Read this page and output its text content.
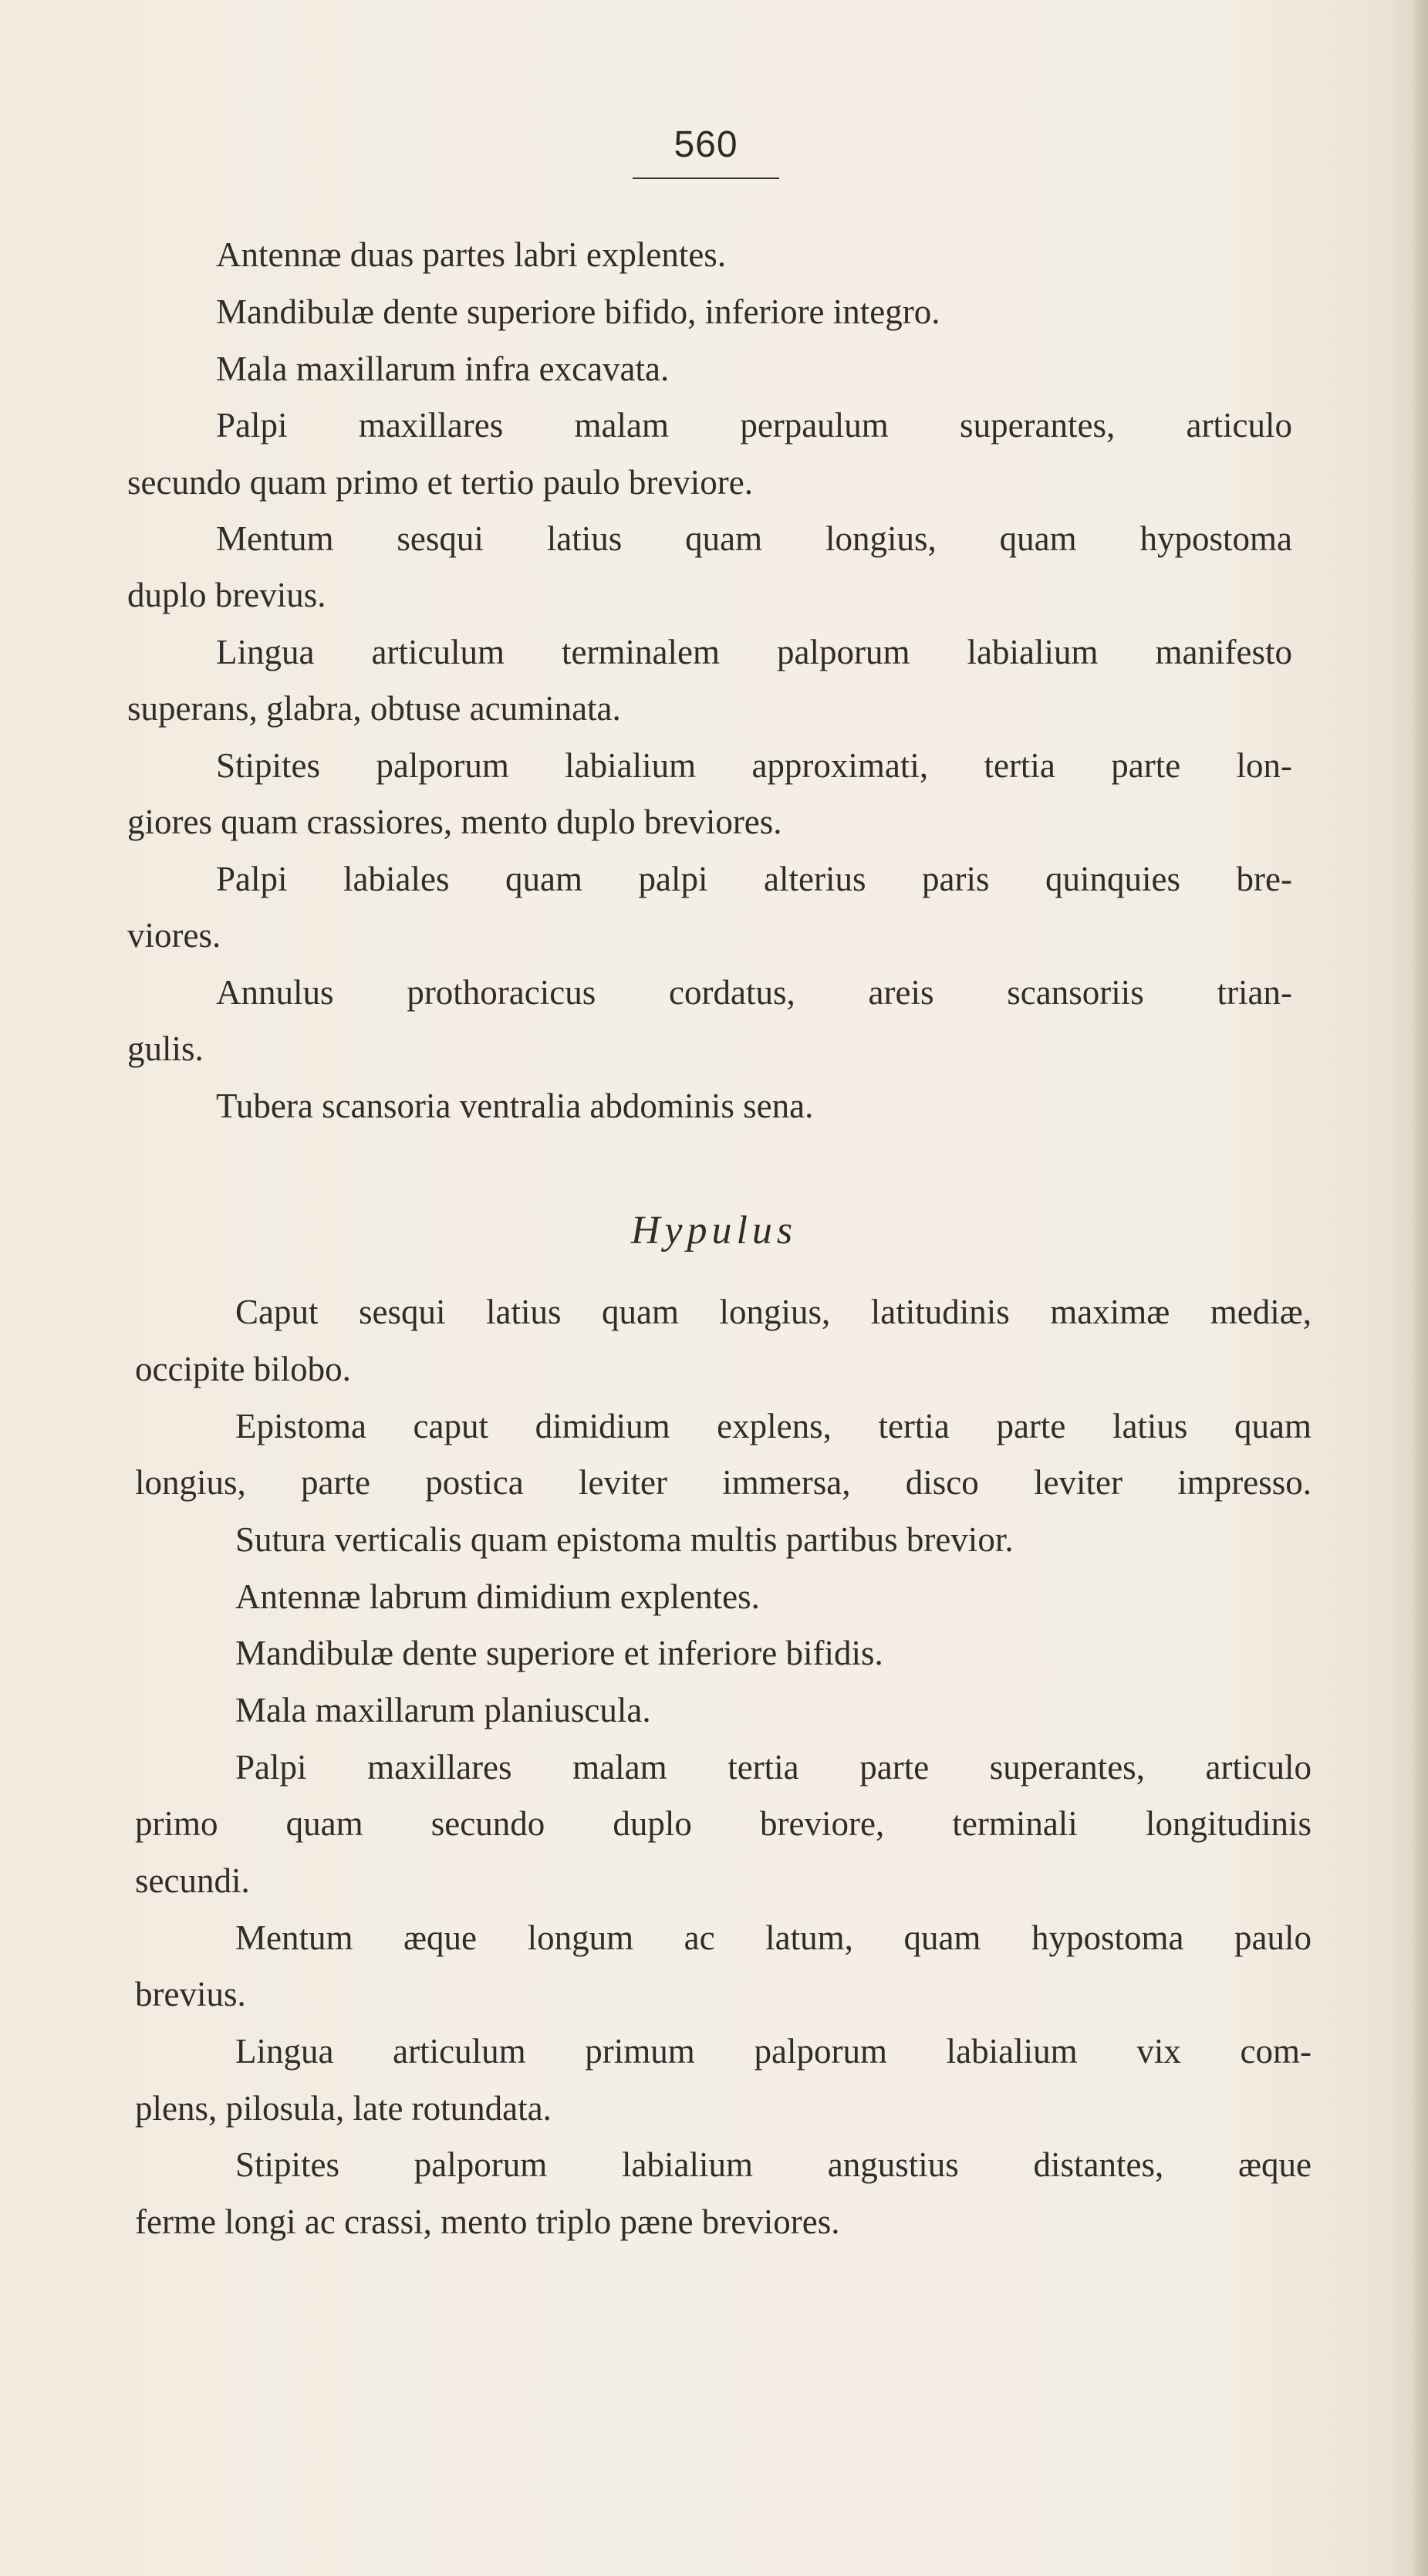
560
Antennæ duas partes labri explentes.
Mandibulæ dente superiore bifido, inferiore integro.
Mala maxillarum infra excavata.
Palpi maxillares malam perpaulum superantes, articulo
secundo quam primo et tertio paulo breviore.
Mentum sesqui latius quam longius, quam hypostoma
duplo brevius.
Lingua articulum terminalem palporum labialium manifesto
superans, glabra, obtuse acuminata.
Stipites palporum labialium approximati, tertia parte lon-
giores quam crassiores, mento duplo breviores.
Palpi labiales quam palpi alterius paris quinquies bre-
viores.
Annulus prothoracicus cordatus, areis scansoriis trian-
gulis.
Tubera scansoria ventralia abdominis sena.
Hypulus
Caput sesqui latius quam longius, latitudinis maximæ mediæ,
occipite bilobo.
Epistoma caput dimidium explens, tertia parte latius quam
longius, parte postica leviter immersa, disco leviter impresso.
Sutura verticalis quam epistoma multis partibus brevior.
Antennæ labrum dimidium explentes.
Mandibulæ dente superiore et inferiore bifidis.
Mala maxillarum planiuscula.
Palpi maxillares malam tertia parte superantes, articulo
primo quam secundo duplo breviore, terminali longitudinis
secundi.
Mentum æque longum ac latum, quam hypostoma paulo
brevius.
Lingua articulum primum palporum labialium vix com-
plens, pilosula, late rotundata.
Stipites palporum labialium angustius distantes, æque
ferme longi ac crassi, mento triplo pæne breviores.
